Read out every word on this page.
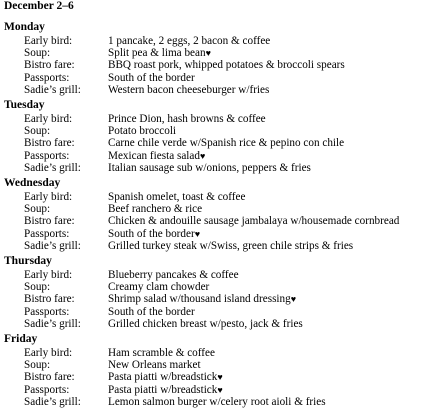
December 2–6
Monday
Early bird:	1 pancake, 2 eggs, 2 bacon & coffee
Soup:	Split pea & lima bean♥
Bistro fare:	BBQ roast pork, whipped potatoes & broccoli spears
Passports:	South of the border
Sadie’s grill: Western bacon cheeseburger w/fries
Tuesday
Early bird:	Prince Dion, hash browns & coffee
Soup:	Potato broccoli
Bistro fare:	Carne chile verde w/Spanish rice & pepino con chile
Passports:	Mexican fiesta salad♥
Sadie’s grill: Italian sausage sub w/onions, peppers & fries
Wednesday
Early bird:	Spanish omelet, toast & coffee
Soup:	Beef ranchero & rice
Bistro fare:	Chicken & andouille sausage jambalaya w/housemade cornbread
Passports:	South of the border♥
Sadie’s grill: Grilled turkey steak w/Swiss, green chile strips & fries
Thursday
Early bird:	Blueberry pancakes & coffee
Soup:	Creamy clam chowder
Bistro fare:	Shrimp salad w/thousand island dressing♥
Passports:	South of the border
Sadie’s grill: Grilled chicken breast w/pesto, jack & fries
Friday
Early bird:	Ham scramble & coffee
Soup:	New Orleans market
Bistro fare:	Pasta piatti w/breadstick♥
Passports:	Pasta piatti w/breadstick♥
Sadie’s grill: Lemon salmon burger w/celery root aioli & fries
